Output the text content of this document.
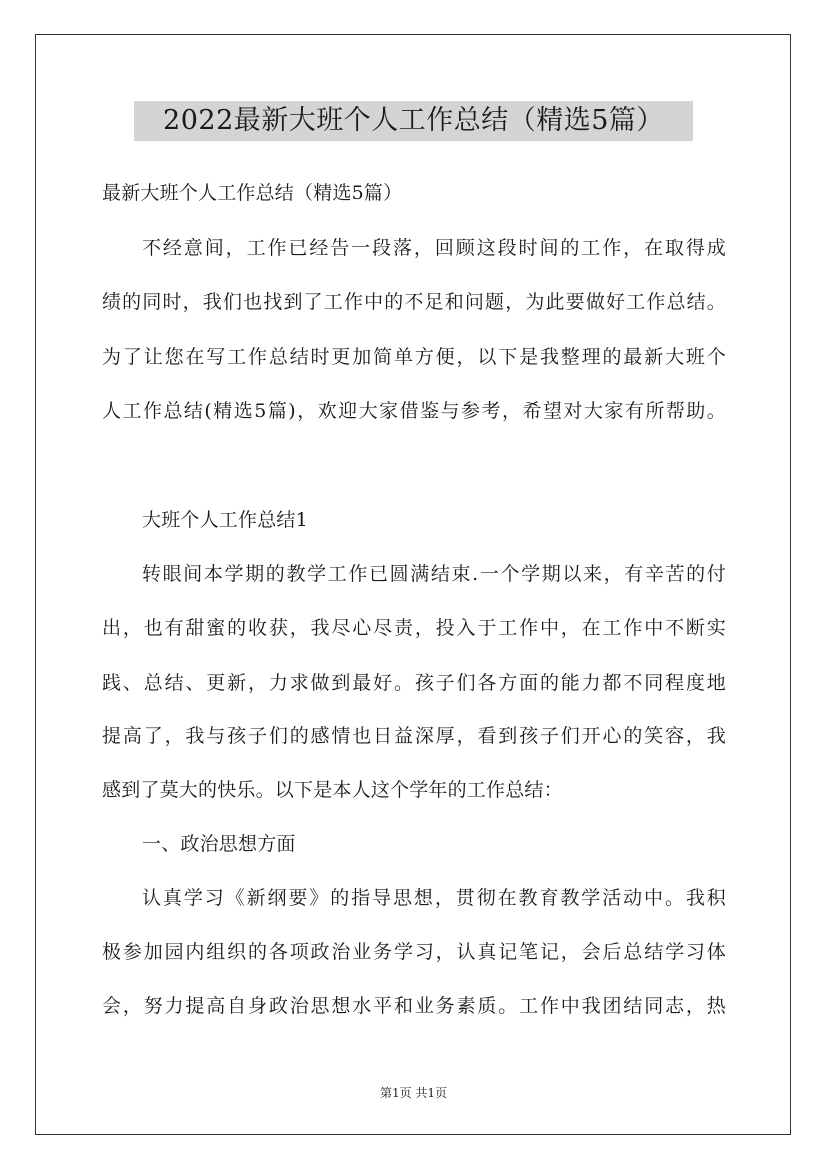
2022最新大班个人工作总结（精选5篇）

最新大班个人工作总结（精选5篇）

不经意间，工作已经告一段落，回顾这段时间的工作，在取得成

绩的同时，我们也找到了工作中的不足和问题，为此要做好工作总结。

为了让您在写工作总结时更加简单方便，以下是我整理的最新大班个

人工作总结(精选5篇)，欢迎大家借鉴与参考，希望对大家有所帮助。

大班个人工作总结1

转眼间本学期的教学工作已圆满结束.一个学期以来，有辛苦的付

出，也有甜蜜的收获，我尽心尽责，投入于工作中，在工作中不断实

践、总结、更新，力求做到最好。孩子们各方面的能力都不同程度地

提高了，我与孩子们的感情也日益深厚，看到孩子们开心的笑容，我

感到了莫大的快乐。以下是本人这个学年的工作总结：

一、政治思想方面

认真学习《新纲要》的指导思想，贯彻在教育教学活动中。我积

极参加园内组织的各项政治业务学习，认真记笔记，会后总结学习体

会，努力提高自身政治思想水平和业务素质。工作中我团结同志，热

第1页 共1页
